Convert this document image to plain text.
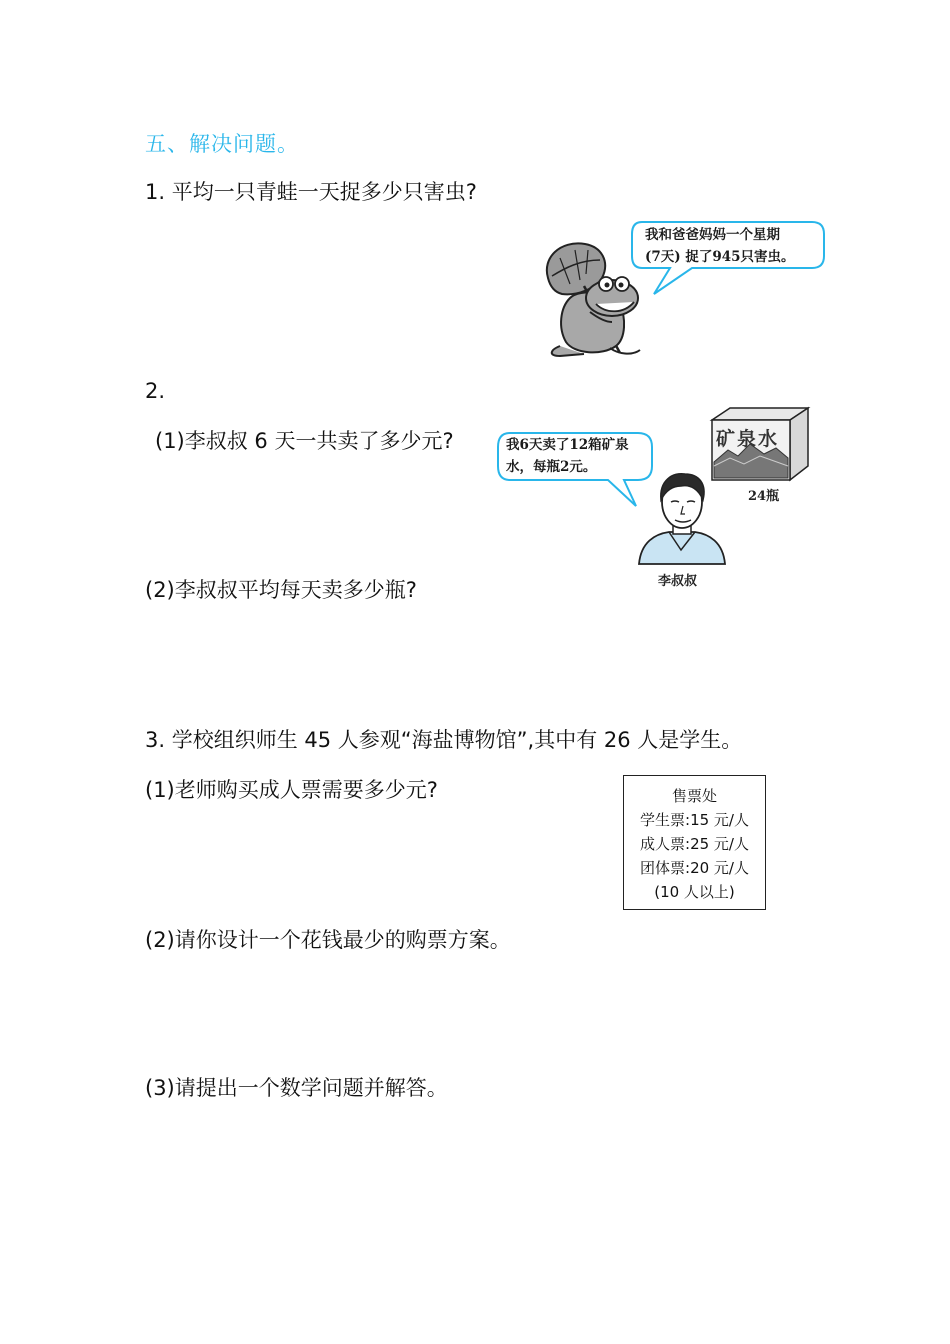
五、解决问题。
1. 平均一只青蛙一天捉多少只害虫?
我和爸爸妈妈一个星期
(7天) 捉了945只害虫。
2.
(1)李叔叔 6 天一共卖了多少元?	我6天卖了12箱矿泉
水，每瓶2元。
矿泉水
24瓶
李叔叔
(2)李叔叔平均每天卖多少瓶?
3. 学校组织师生 45 人参观“海盐博物馆”,其中有 26 人是学生。
(1)老师购买成人票需要多少元?	售票处
学生票:15 元/人
成人票:25 元/人
团体票:20 元/人
(10 人以上)
(2)请你设计一个花钱最少的购票方案。
(3)请提出一个数学问题并解答。
